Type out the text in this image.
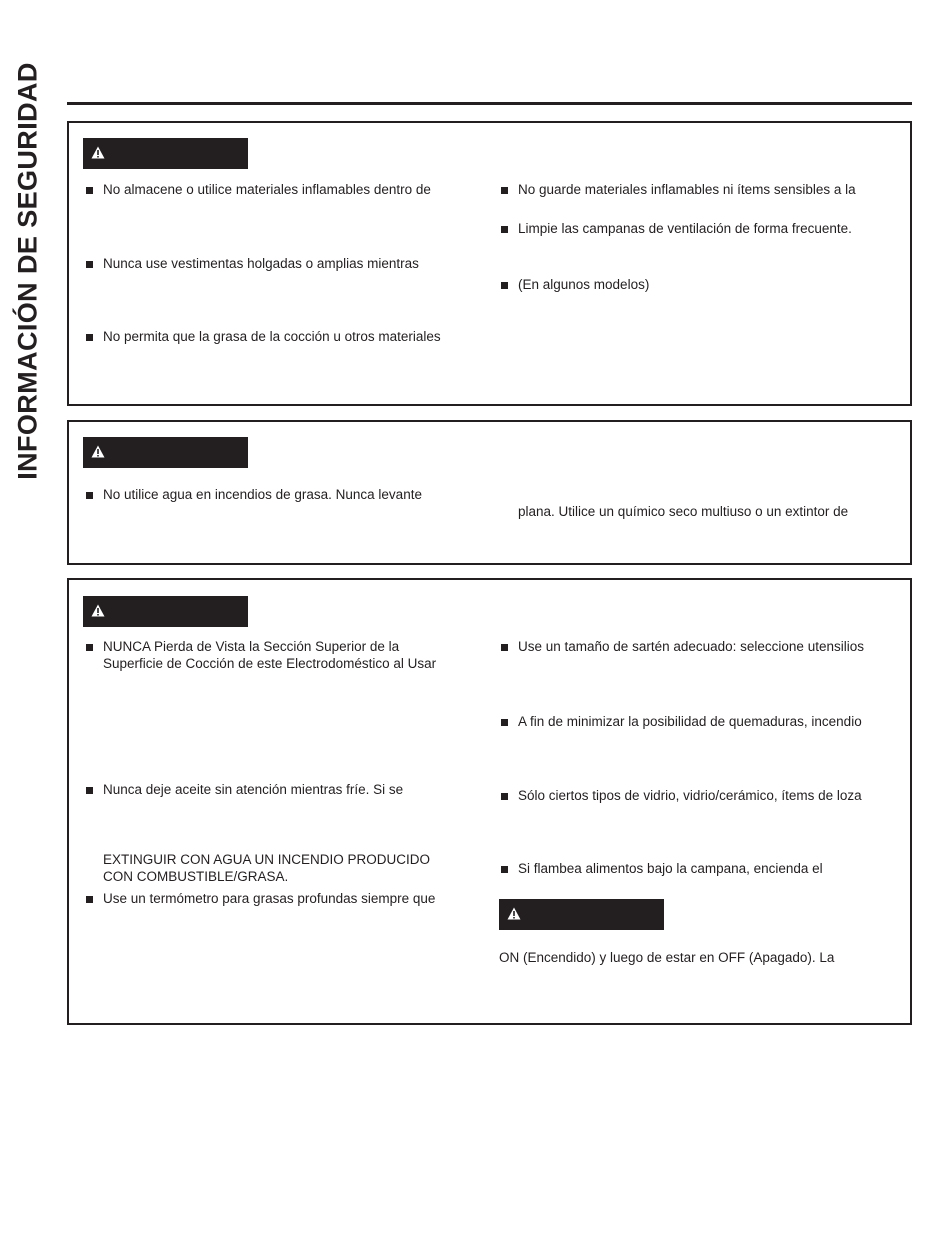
INFORMACIÓN DE SEGURIDAD	No almacene o utilice materiales inflamables dentro de
Nunca use vestimentas holgadas o amplias mientras
No permita que la grasa de la cocción u otros materiales
No guarde materiales inflamables ni ítems sensibles a la
Limpie las campanas de ventilación de forma frecuente.
(En algunos modelos)
No utilice agua en incendios de grasa. Nunca levante
plana. Utilice un químico seco multiuso o un extintor de
NUNCA Pierda de Vista la Sección Superior de la
Superficie de Cocción de este Electrodoméstico al Usar
Nunca deje aceite sin atención mientras fríe. Si se
EXTINGUIR CON AGUA UN INCENDIO PRODUCIDO
CON COMBUSTIBLE/GRASA.
Use un termómetro para grasas profundas siempre que
Use un tamaño de sartén adecuado: seleccione utensilios
A fin de minimizar la posibilidad de quemaduras, incendio
Sólo ciertos tipos de vidrio, vidrio/cerámico, ítems de loza
Si flambea alimentos bajo la campana, encienda el
ON (Encendido) y luego de estar en OFF (Apagado). La
